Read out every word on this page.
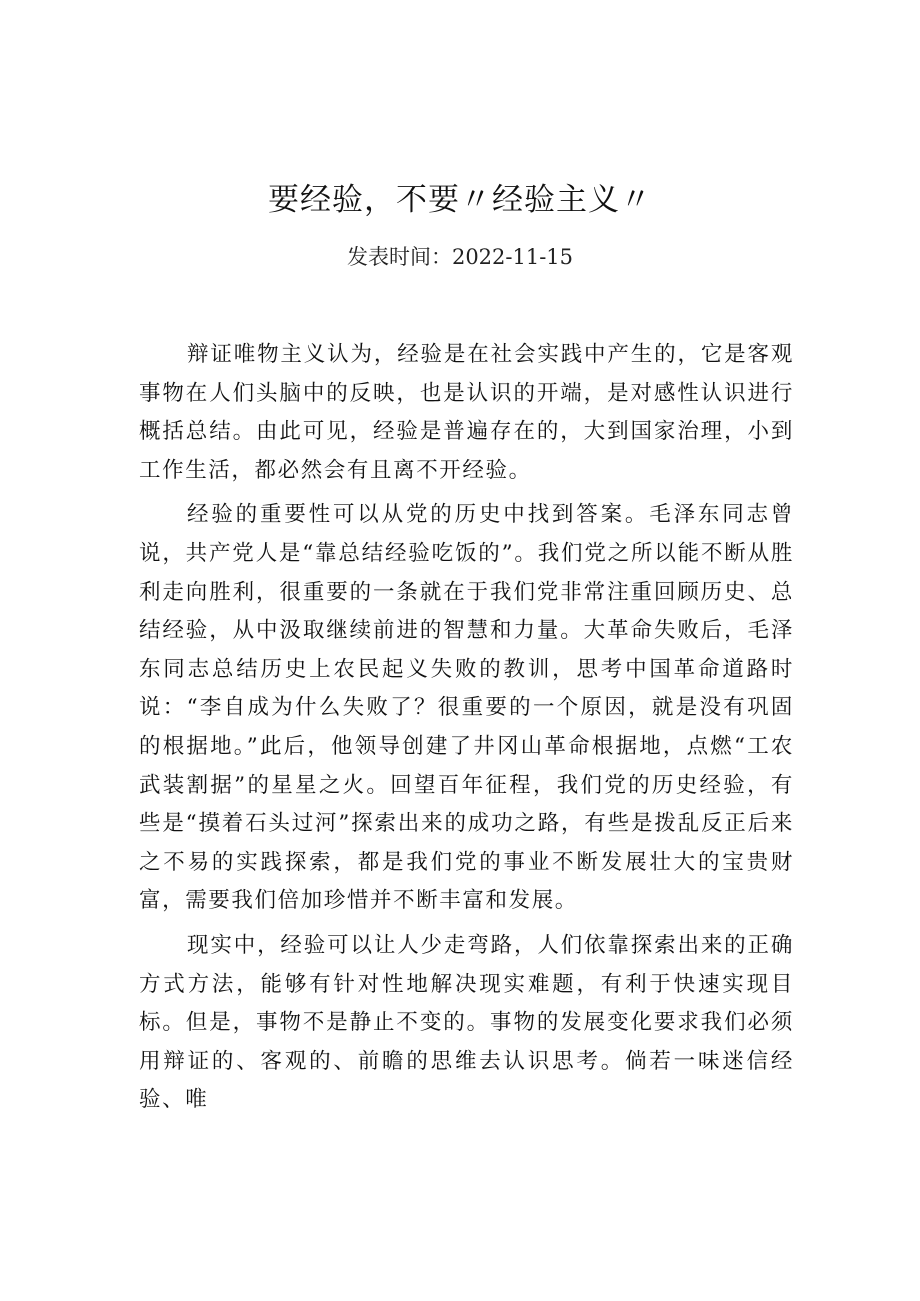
要经验，不要〃经验主义〃
发表时间：2022-11-15

辩证唯物主义认为，经验是在社会实践中产生的，它是客观事物在人们头脑中的反映，也是认识的开端，是对感性认识进行概括总结。由此可见，经验是普遍存在的，大到国家治理，小到工作生活，都必然会有且离不开经验。

经验的重要性可以从党的历史中找到答案。毛泽东同志曾说，共产党人是“靠总结经验吃饭的”。我们党之所以能不断从胜利走向胜利，很重要的一条就在于我们党非常注重回顾历史、总结经验，从中汲取继续前进的智慧和力量。大革命失败后，毛泽东同志总结历史上农民起义失败的教训，思考中国革命道路时说：“李自成为什么失败了？很重要的一个原因，就是没有巩固的根据地。”此后，他领导创建了井冈山革命根据地，点燃“工农武装割据”的星星之火。回望百年征程，我们党的历史经验，有些是“摸着石头过河”探索出来的成功之路，有些是拨乱反正后来之不易的实践探索，都是我们党的事业不断发展壮大的宝贵财富，需要我们倍加珍惜并不断丰富和发展。

现实中，经验可以让人少走弯路，人们依靠探索出来的正确方式方法，能够有针对性地解决现实难题，有利于快速实现目标。但是，事物不是静止不变的。事物的发展变化要求我们必须用辩证的、客观的、前瞻的思维去认识思考。倘若一味迷信经验、唯
